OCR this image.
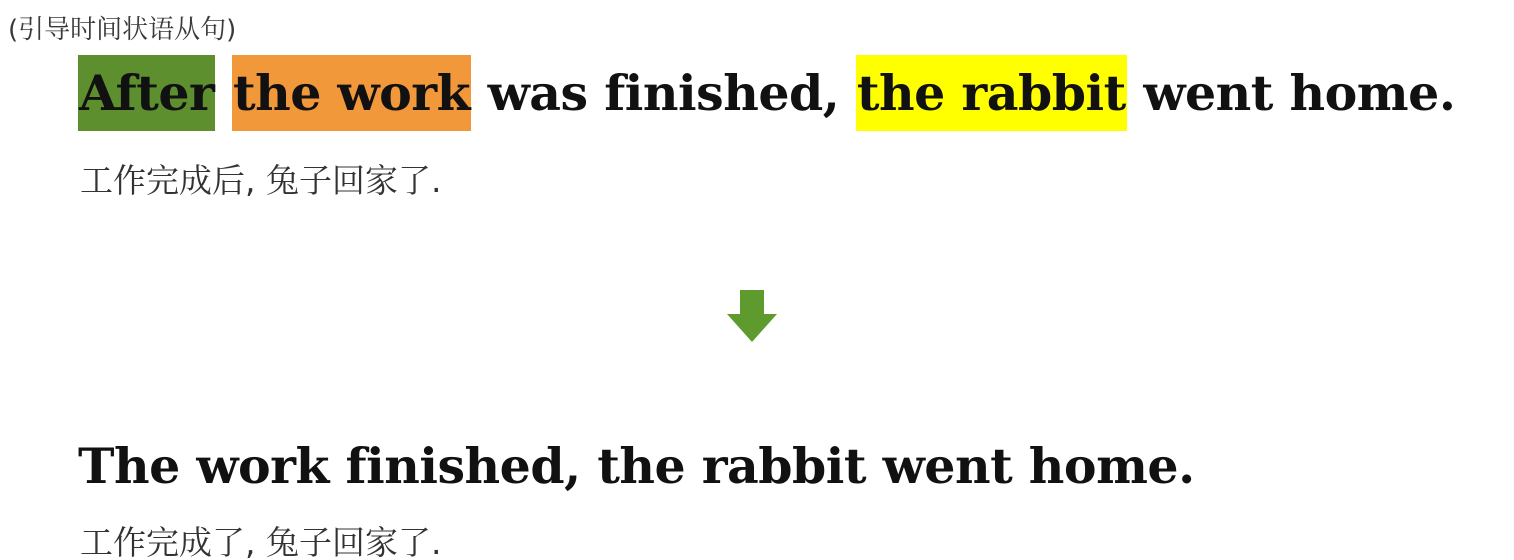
(引导时间状语从句)
After the work was finished, the rabbit went home.
工作完成后, 兔子回家了.
The work finished, the rabbit went home.
工作完成了, 兔子回家了.
